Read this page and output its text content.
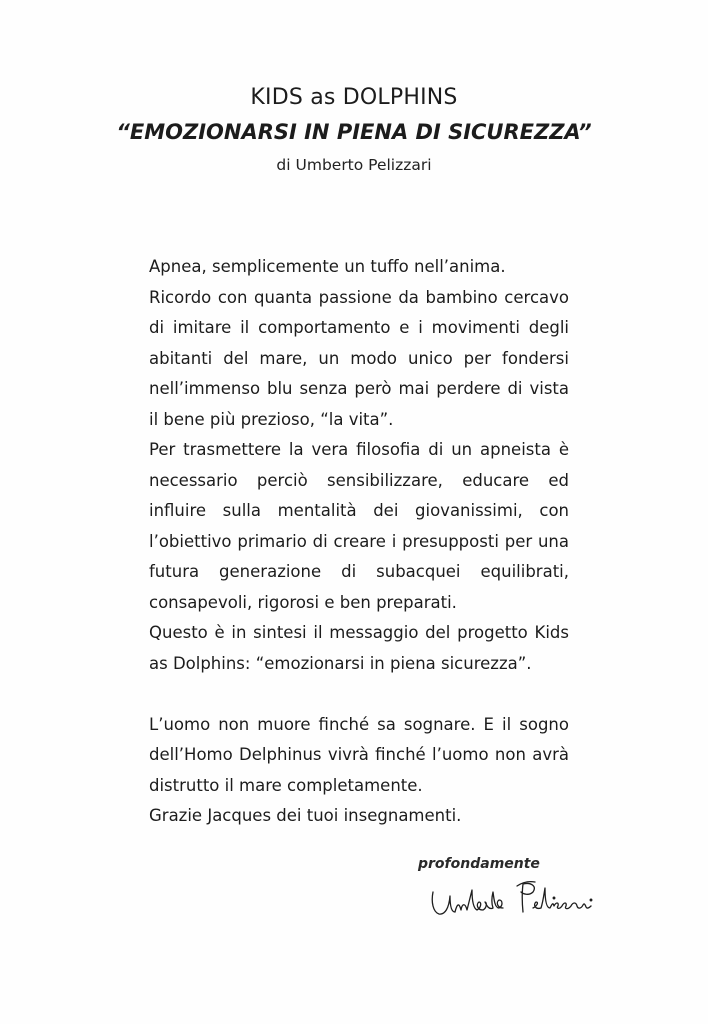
KIDS as DOLPHINS
“EMOZIONARSI IN PIENA DI SICUREZZA”
di Umberto Pelizzari

Apnea, semplicemente un tuffo nell’anima.

Ricordo con quanta passione da bambino cercavo di imitare il comportamento e i movimenti degli abitanti del mare, un modo unico per fondersi nell’immenso blu senza però mai perdere di vista il bene più prezioso, “la vita”.

Per trasmettere la vera filosofia di un apneista è necessario perciò sensibilizzare, educare ed influire sulla mentalità dei giovanissimi, con l’obiettivo primario di creare i presupposti per una futura generazione di subacquei equilibrati, consapevoli, rigorosi e ben preparati.

Questo è in sintesi il messaggio del progetto Kids as Dolphins: “emozionarsi in piena sicurezza”.

L’uomo non muore finché sa sognare. E il sogno dell’Homo Delphinus vivrà finché l’uomo non avrà distrutto il mare completamente.

Grazie Jacques dei tuoi insegnamenti.

profondamente
